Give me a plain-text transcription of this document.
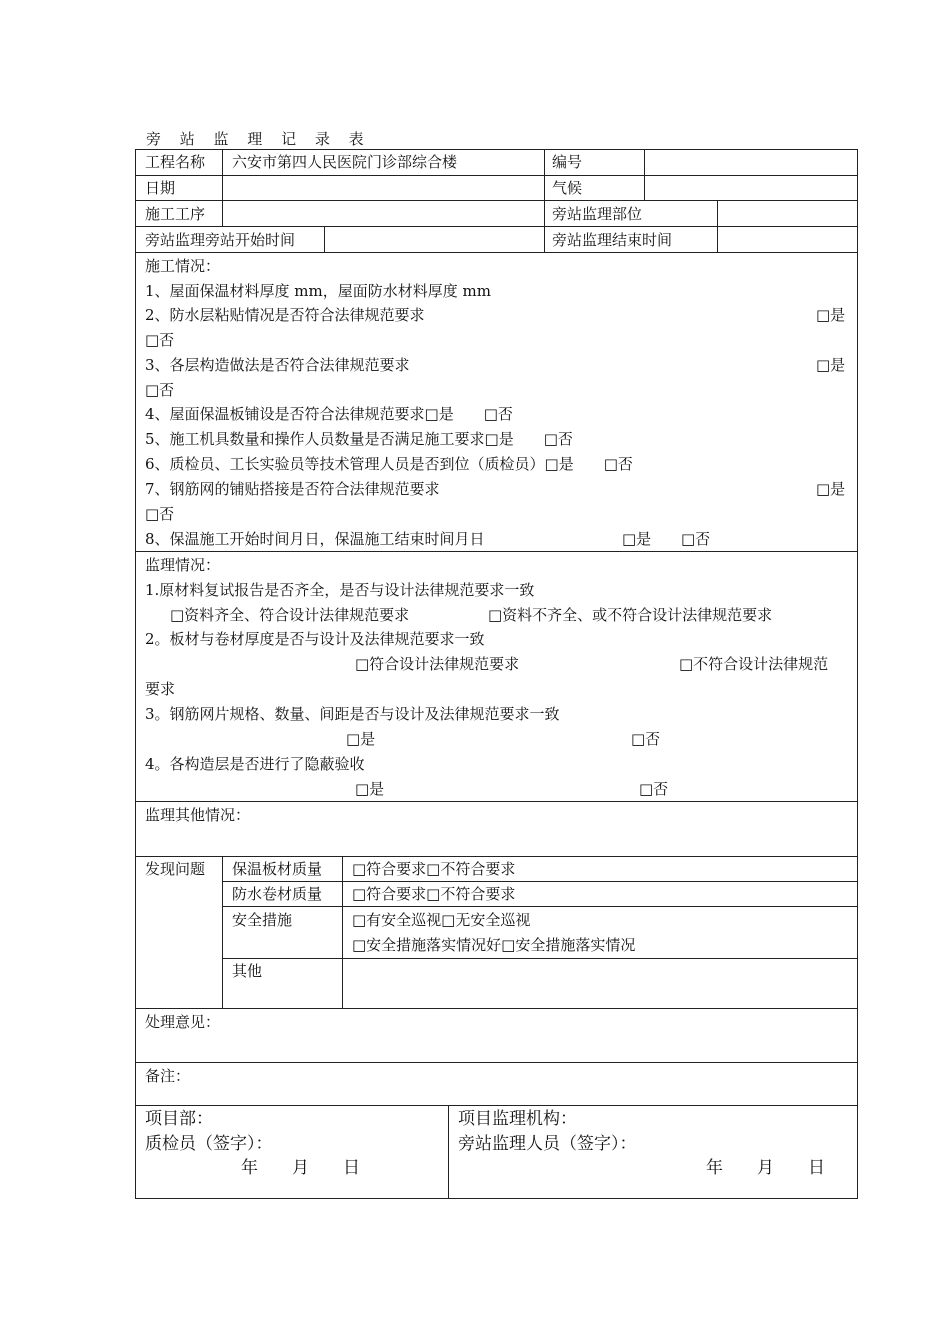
旁 站 监 理 记 录 表
工程名称 六安市第四人民医院门诊部综合楼	编号
日期	气候
施工工序	旁站监理部位
旁站监理旁站开始时间	旁站监理结束时间
施工情况：
1、屋面保温材料厚度 mm，屋面防水材料厚度 mm
2、防水层粘贴情况是否符合法律规范要求	□是
□否
3、各层构造做法是否符合法律规范要求	□是
□否
4、屋面保温板铺设是否符合法律规范要求□是　　□否
5、施工机具数量和操作人员数量是否满足施工要求□是　　□否
6、质检员、工长实验员等技术管理人员是否到位（质检员）□是　　□否
7、钢筋网的铺贴搭接是否符合法律规范要求	□是
□否
8、保温施工开始时间月日，保温施工结束时间月日	□是 □否
监理情况：
1.原材料复试报告是否齐全，是否与设计法律规范要求一致
□资料齐全、符合设计法律规范要求	□资料不齐全、或不符合设计法律规范要求
2。板材与卷材厚度是否与设计及法律规范要求一致
□符合设计法律规范要求	□不符合设计法律规范
要求
3。钢筋网片规格、数量、间距是否与设计及法律规范要求一致
□是	□否
4。各构造层是否进行了隐蔽验收
□是	□否
监理其他情况：
发现问题 保温板材质量 □符合要求□不符合要求
防水卷材质量 □符合要求□不符合要求
安全措施	□有安全巡视□无安全巡视
□安全措施落实情况好□安全措施落实情况
其他
处理意见：
备注：
项目部：
质检员（签字）：
年　　月　　日
项目监理机构：
旁站监理人员（签字）：
年　　月　　日
